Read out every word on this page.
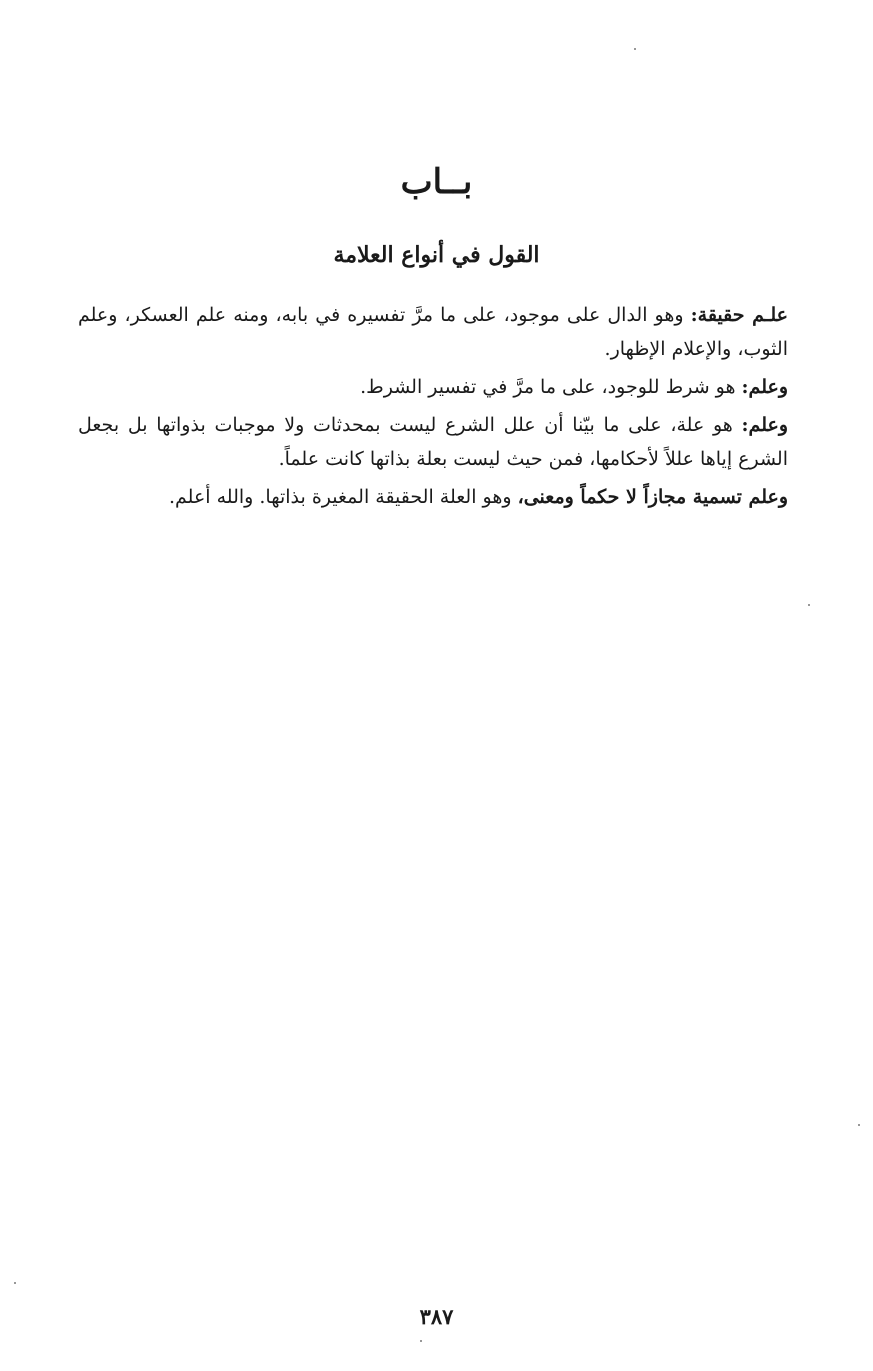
بــاب
القول في أنواع العلامة

علـم حقيقة: وهو الدال على موجود، على ما مرَّ تفسيره في بابه، ومنه علم العسكر، وعلم الثوب، والإعلام الإظهار.

وعلم: هو شرط للوجود، على ما مرَّ في تفسير الشرط.

وعلم: هو علة، على ما بيّنا أن علل الشرع ليست بمحدثات ولا موجبات بذواتها بل بجعل الشرع إياها عللاً لأحكامها، فمن حيث ليست بعلة بذاتها كانت علماً.

وعلم تسمية مجازاً لا حكماً ومعنى، وهو العلة الحقيقة المغيرة بذاتها. والله أعلم.

٣٨٧
